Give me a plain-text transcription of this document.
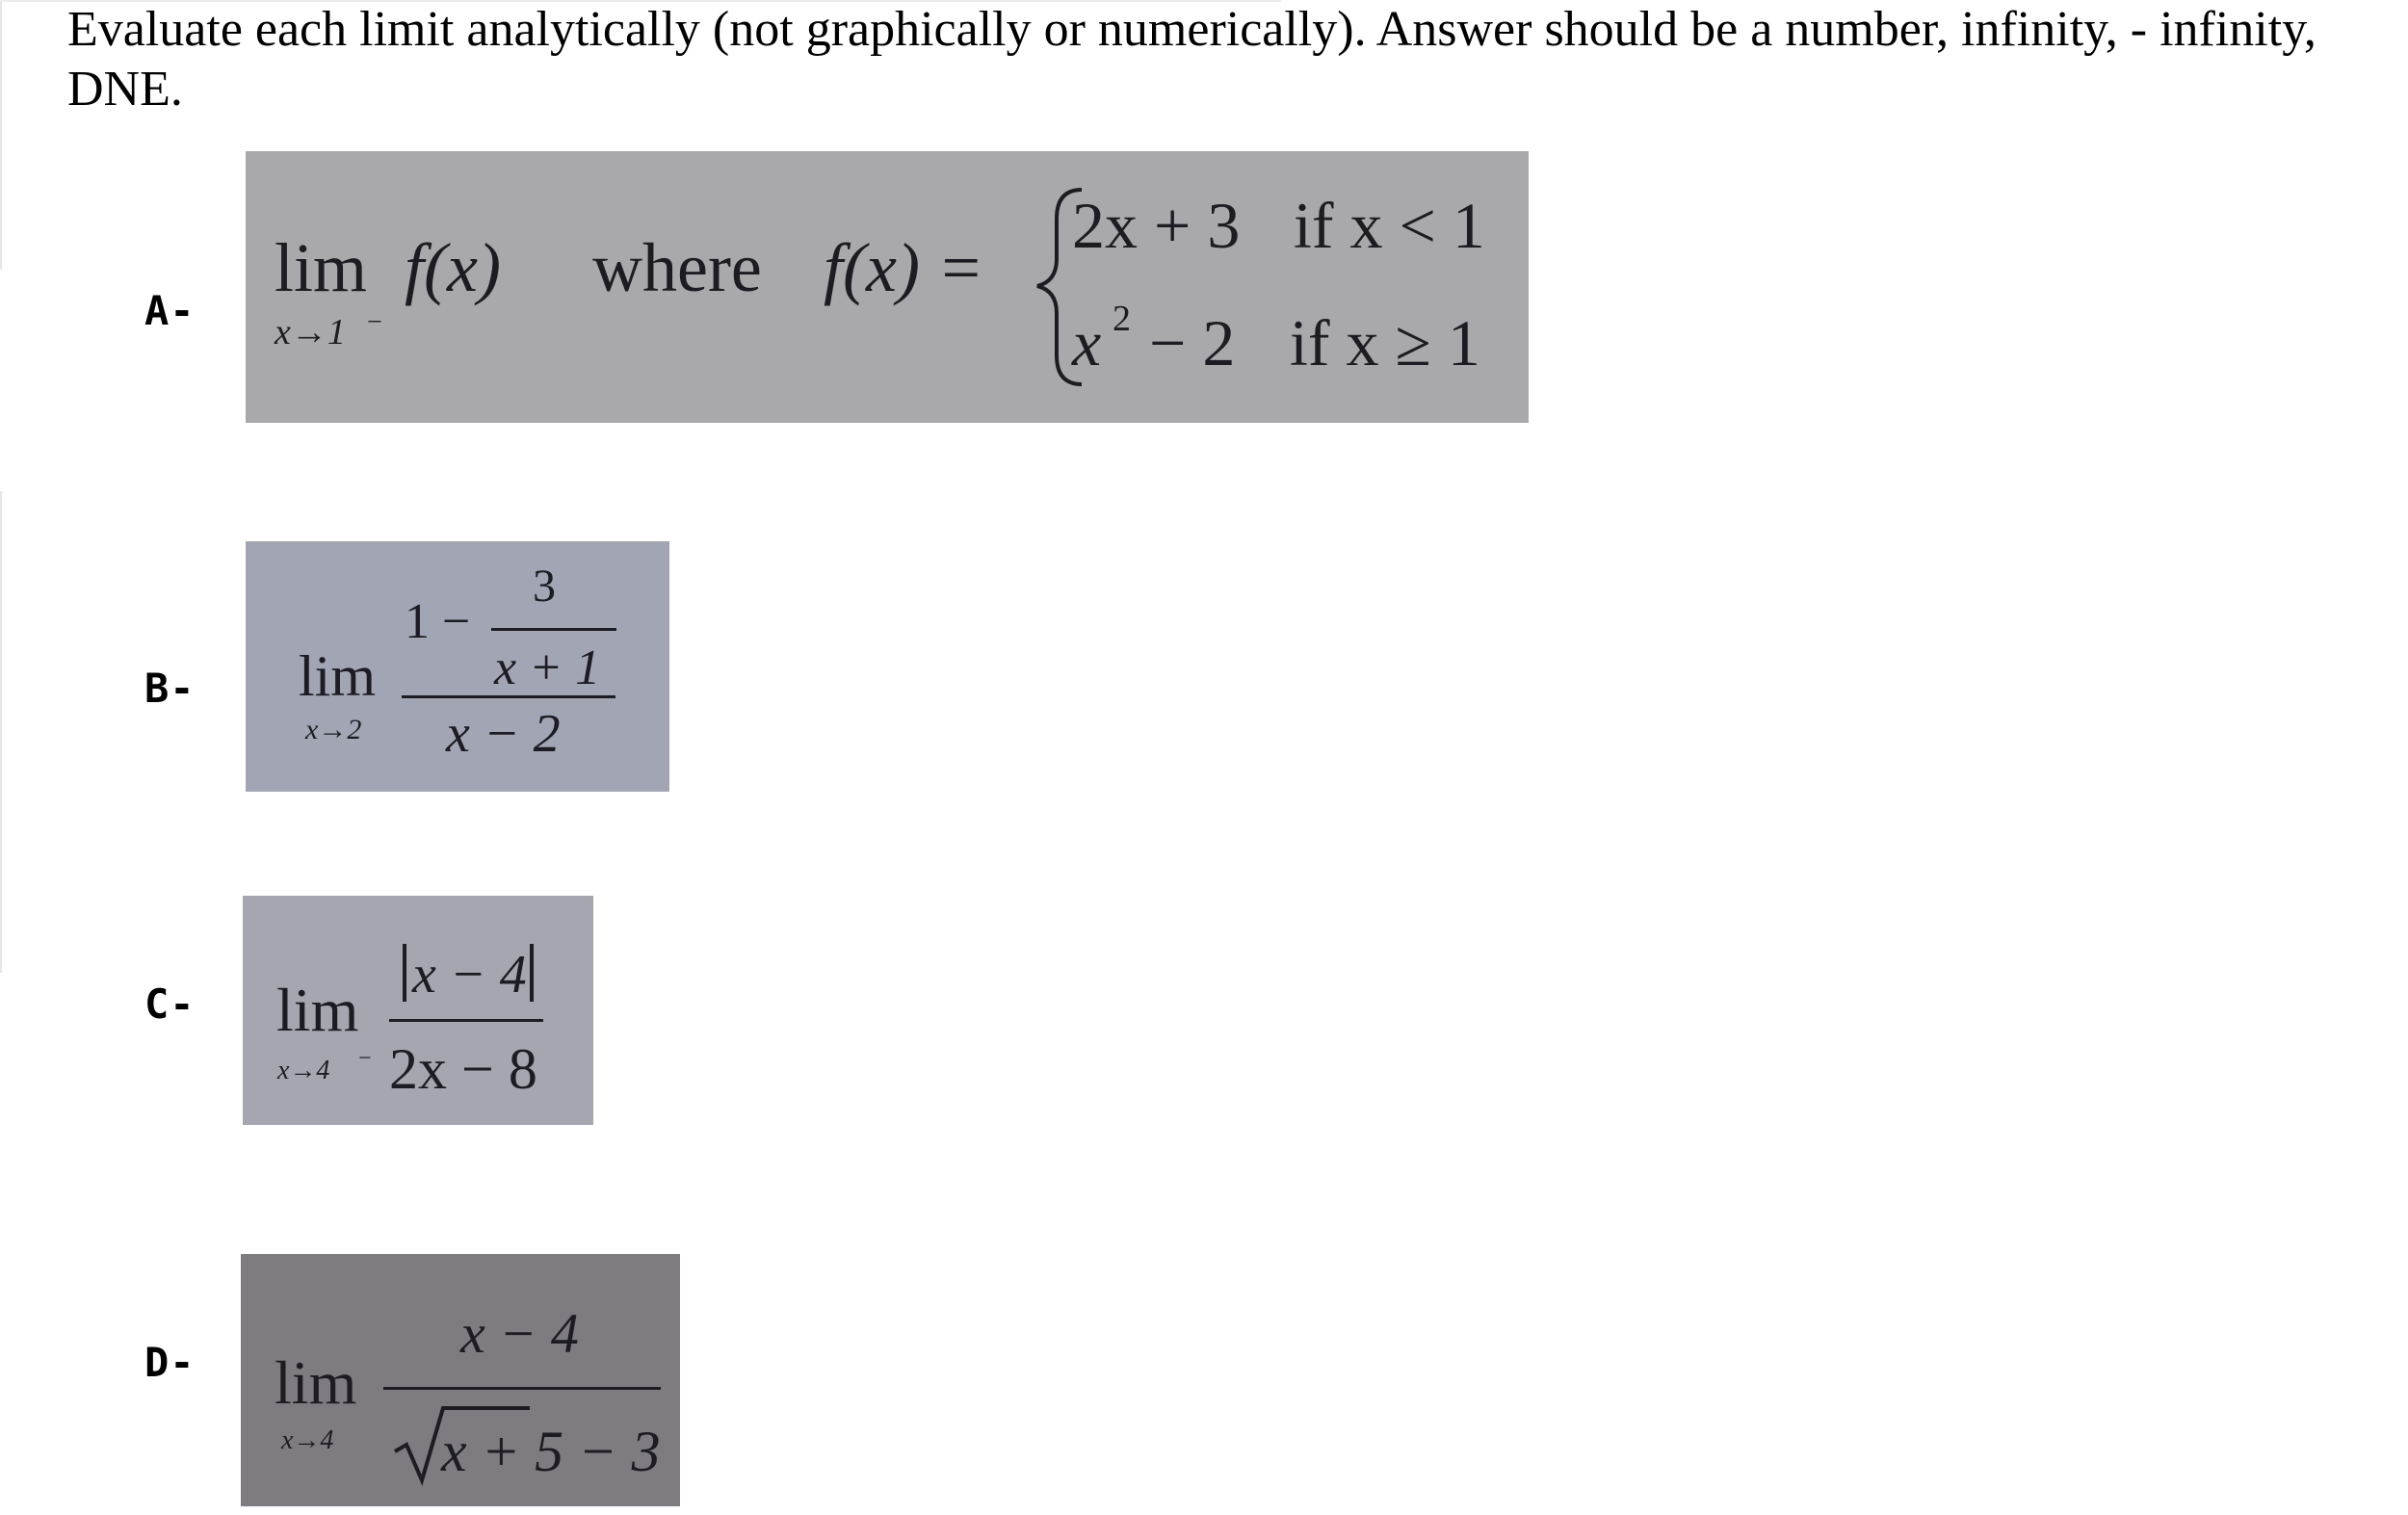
Evaluate each limit analytically (not graphically or numerically). Answer should be a number, infinity, - infinity, DNE.

A-
lim
x→1 −
f(x) where f(x) =
2x + 3 if x < 1
x 2 − 2 if x ≥ 1
B- lim
x→2
1 −
3
x + 1
x − 2
C- lim
x→4 −
x − 4
2x − 8
D- lim
x→4
x − 4
x + 5 − 3
